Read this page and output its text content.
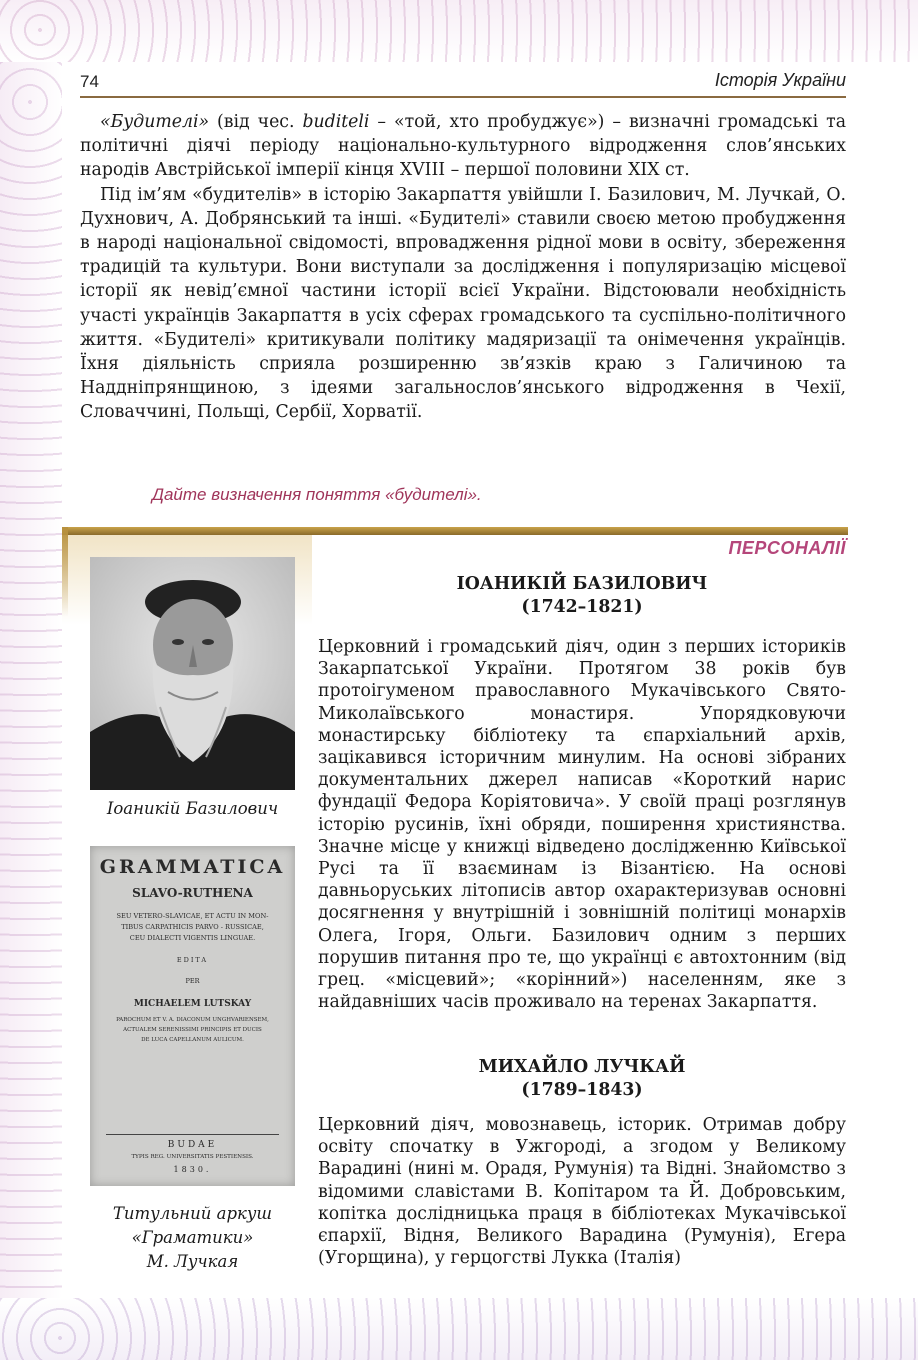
74	Історія України

«Будителі» (від чес. buditeli – «той, хто пробуджує») – визначні громадські та політичні діячі періоду національно-культурного відродження слов’янських народів Австрійської імперії кінця XVIII – першої половини XIX ст.

Під ім’ям «будителів» в історію Закарпаття увійшли І. Базилович, М. Лучкай, О. Духнович, А. Добрянський та інші. «Будителі» ставили своєю метою пробудження в народі національної свідомості, впровадження рідної мови в освіту, збереження традицій та культури. Вони виступали за дослідження і популяризацію місцевої історії як невід’ємної частини історії всієї України. Відстоювали необхідність участі українців Закарпаття в усіх сферах громадського та суспільно-політичного життя. «Будителі» критикували політику мадяризації та онімечення українців. Їхня діяльність сприяла розширенню зв’язків краю з Галичиною та Наддніпрянщиною, з ідеями загальнослов’янського відродження в Чехії, Словаччині, Польщі, Сербії, Хорватії.

Дайте визначення поняття «будителі».
ПЕРСОНАЛІЇ
Іоаникій Базилович
GRAMMATICA
SLAVO-RUTHENA
SEU VETERO-SLAVICAE, ET ACTU IN MON-
TIBUS CARPATHICIS PARVO - RUSSICAE,
CEU DIALECTI VIGENTIS LINGUAE.
EDITA
PER
MICHAELEM LUTSKAY
PAROCHUM ET V. A. DIACONUM UNGHVARIENSEM,
ACTUALEM SERENISSIMI PRINCIPIS ET DUCIS
DE LUCA CAPELLANUM AULICUM.
BUDAE
TYPIS REG. UNIVERSITATIS PESTIENSIS.
1830.
Титульний аркуш
«Граматики»
М. Лучкая
ІОАНИКІЙ БАЗИЛОВИЧ
(1742–1821)

Церковний і громадський діяч, один з перших істориків Закарпатської України. Протягом 38 років був протоігуменом православного Мукачівського Свято-Миколаївського монастиря. Упорядковуючи монастирську бібліотеку та єпархіальний архів, зацікавився історичним минулим. На основі зібраних документальних джерел написав «Короткий нарис фундації Федора Коріятовича». У своїй праці розглянув історію русинів, їхні обряди, поширення християнства. Значне місце у книжці відведено дослідженню Київської Русі та її взаєминам із Візантією. На основі давньоруських літописів автор охарактеризував основні досягнення у внутрішній і зовнішній політиці монархів Олега, Ігоря, Ольги. Базилович одним з перших порушив питання про те, що українці є автохтонним (від грец. «місцевий»; «корінний») населенням, яке з найдавніших часів проживало на теренах Закарпаття.

МИХАЙЛО ЛУЧКАЙ
(1789–1843)

Церковний діяч, мовознавець, історик. Отримав добру освіту спочатку в Ужгороді, а згодом у Великому Варадині (нині м. Орадя, Румунія) та Відні. Знайомство з відомими славістами В. Копітаром та Й. Добровським, копітка дослідницька праця в бібліотеках Мукачівської єпархії, Відня, Великого Варадина (Румунія), Егера (Угорщина), у герцогстві Лукка (Італія)
